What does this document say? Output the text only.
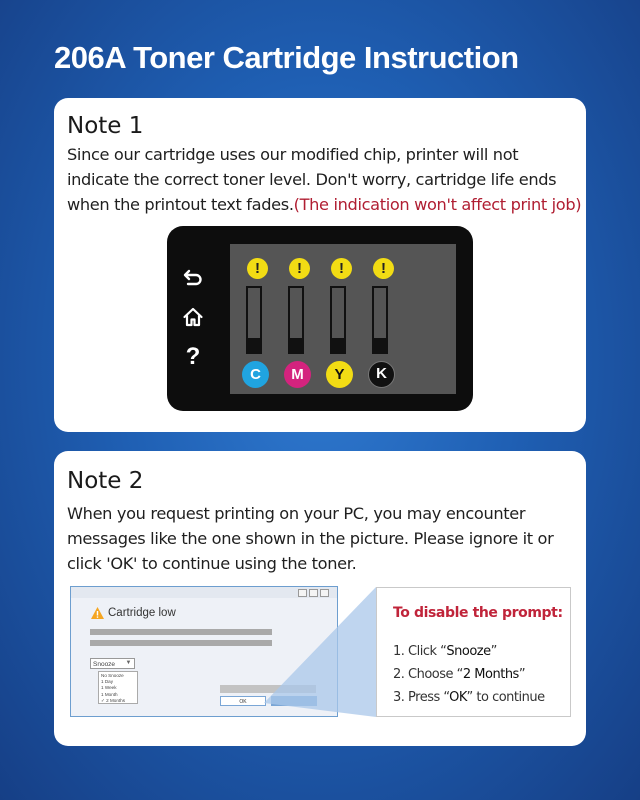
206A Toner Cartridge Instruction
Note 1
Since our cartridge uses our modified chip, printer will not indicate the correct toner level. Don't worry, cartridge life ends when the printout text fades.(The indication won't affect print job)
?
!
C
!
M
!
Y
!
K
Note 2
When you request printing on your PC, you may encounter messages like the one shown in the picture. Please ignore it or click 'OK' to continue using the toner.
Cartridge low
Snooze	▼
No Snooze
1 Day
1 Week
1 Month
✓ 2 Months	OK
To disable the prompt:
1. Click “Snooze”
2. Choose “2 Months”
3. Press “OK” to continue
